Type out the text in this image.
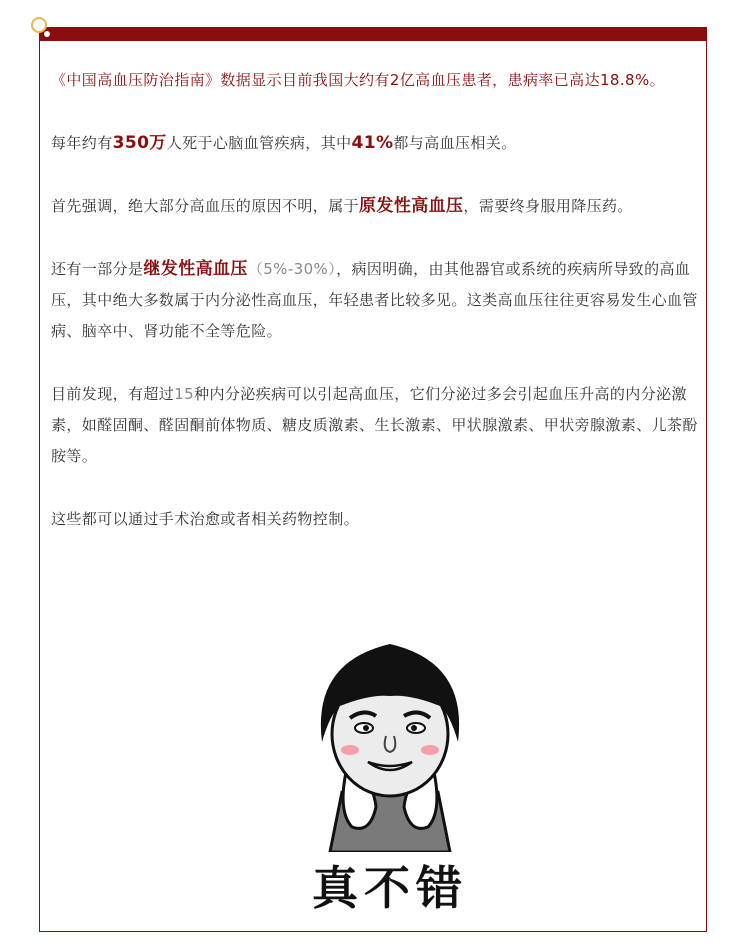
《中国高血压防治指南》数据显示目前我国大约有2亿高血压患者，患病率已高达18.8%。

每年约有350万人死于心脑血管疾病，其中41%都与高血压相关。

首先强调，绝大部分高血压的原因不明，属于原发性高血压，需要终身服用降压药。

还有一部分是继发性高血压（5%-30%），病因明确，由其他器官或系统的疾病所导致的高血压，其中绝大多数属于内分泌性高血压，年轻患者比较多见。这类高血压往往更容易发生心血管病、脑卒中、肾功能不全等危险。

目前发现，有超过15种内分泌疾病可以引起高血压，它们分泌过多会引起血压升高的内分泌激素，如醛固酮、醛固酮前体物质、糖皮质激素、生长激素、甲状腺激素、甲状旁腺激素、儿茶酚胺等。

这些都可以通过手术治愈或者相关药物控制。

真不错
